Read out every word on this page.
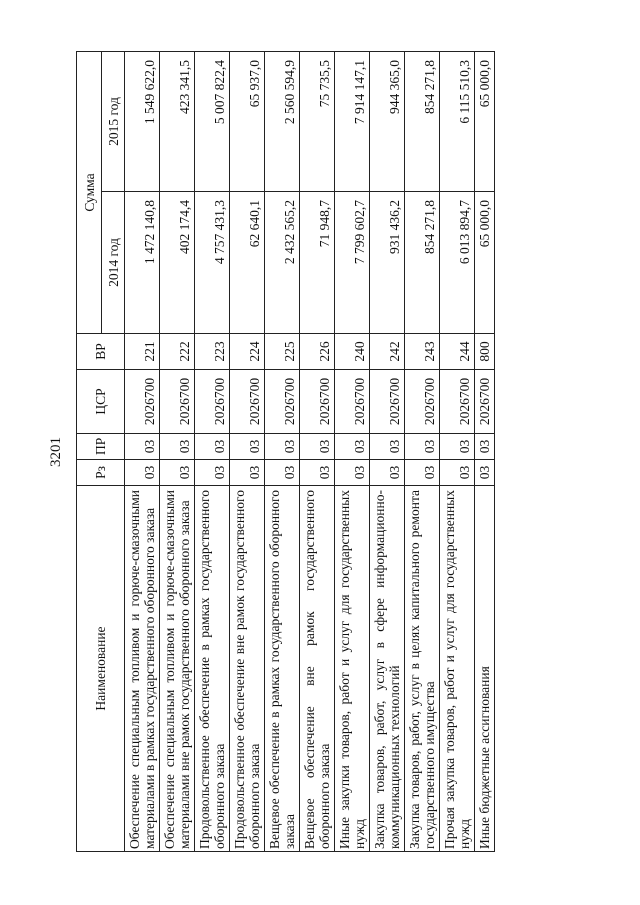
3201
Наименование	Рз	ПР	ЦСР	ВР	Сумма	
					2014 год	2015 год
Обеспечение специальным топливом и горюче-смазочными материалами в рамках государственного оборонного заказа	03	03	2026700	221	1 472 140,8	1 549 622,0
Обеспечение специальным топливом и горюче-смазочными материалами вне рамок государственного оборонного заказа	03	03	2026700	222	402 174,4	423 341,5
Продовольственное обеспечение в рамках государственного оборонного заказа	03	03	2026700	223	4 757 431,3	5 007 822,4
Продовольственное обеспечение вне рамок государственного оборонного заказа	03	03	2026700	224	62 640,1	65 937,0
Вещевое обеспечение в рамках государственного оборонного заказа	03	03	2026700	225	2 432 565,2	2 560 594,9
Вещевое обеспечение вне рамок государственного оборонного заказа	03	03	2026700	226	71 948,7	75 735,5
Иные закупки товаров, работ и услуг для государственных нужд	03	03	2026700	240	7 799 602,7	7 914 147,1
Закупка товаров, работ, услуг в сфере информационно-коммуникационных технологий	03	03	2026700	242	931 436,2	944 365,0
Закупка товаров, работ, услуг в целях капитального ремонта государственного имущества	03	03	2026700	243	854 271,8	854 271,8
Прочая закупка товаров, работ и услуг для государственных нужд	03	03	2026700	244	6 013 894,7	6 115 510,3
Иные бюджетные ассигнования	03	03	2026700	800	65 000,0	65 000,0
